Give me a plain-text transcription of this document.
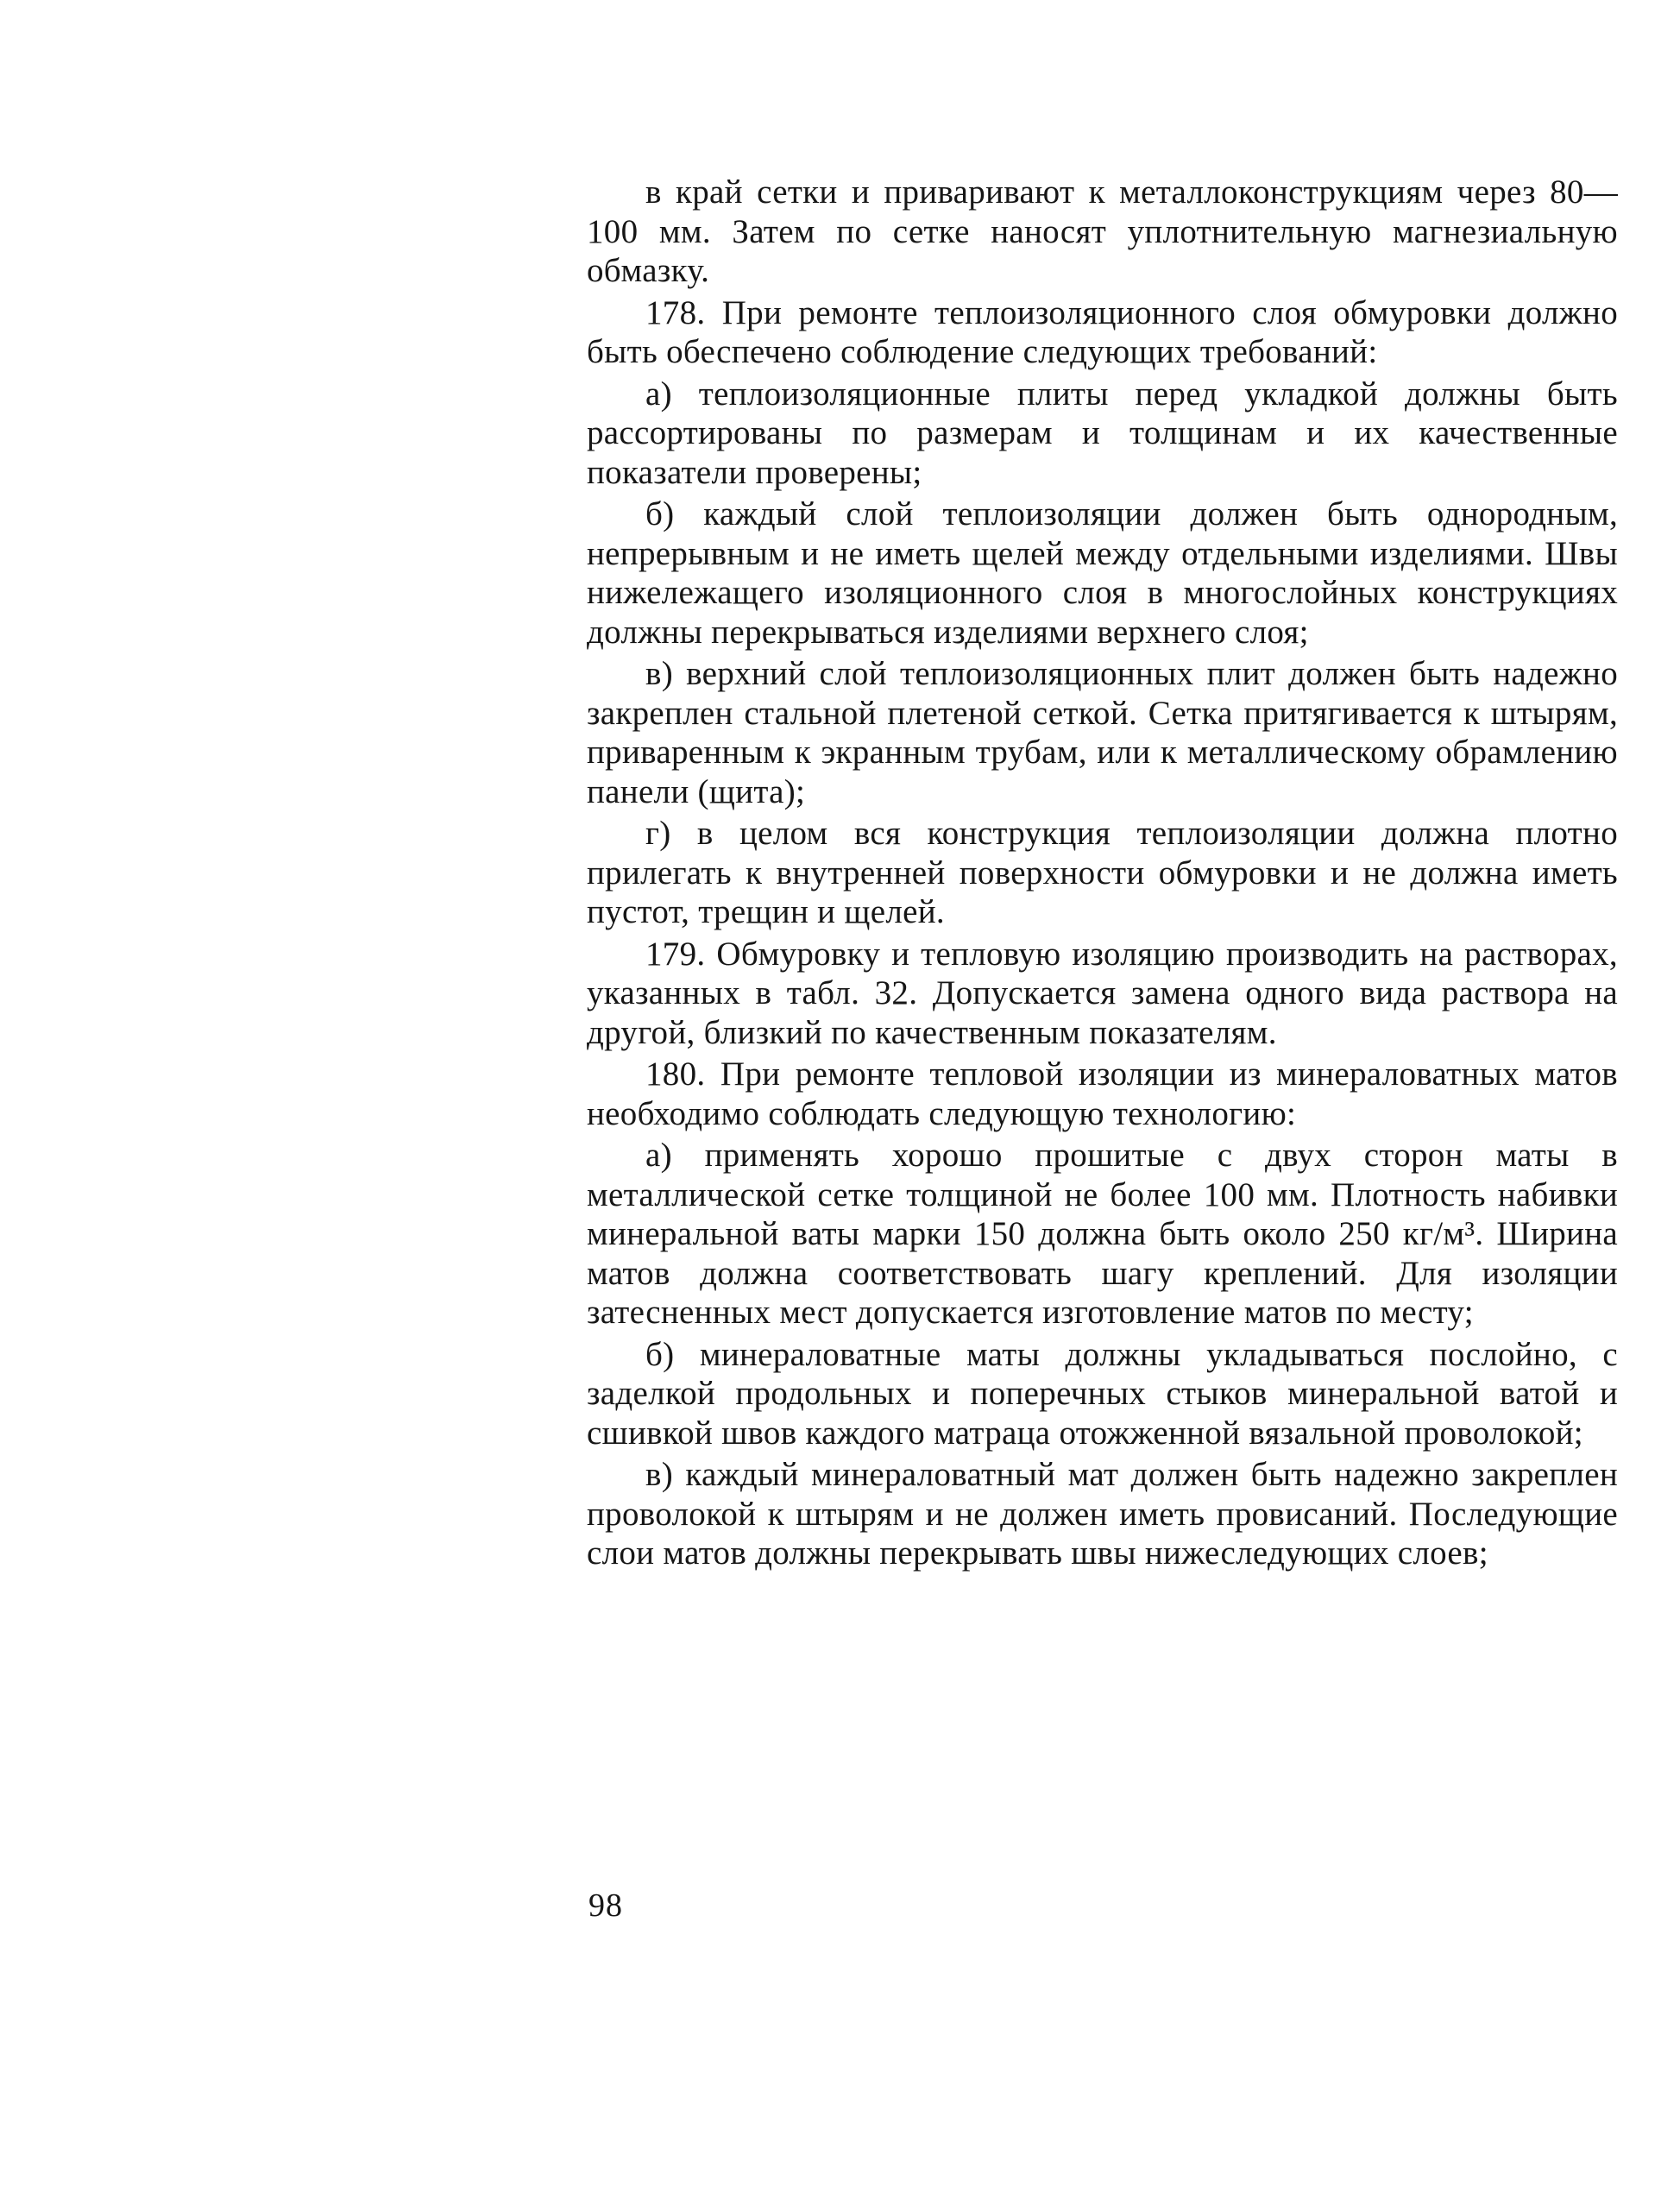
в край сетки и приваривают к металлоконструкциям через 80—100 мм. Затем по сетке наносят уплотнительную магнезиальную обмазку.

178. При ремонте теплоизоляционного слоя обмуровки должно быть обеспечено соблюдение следующих требований:

а) теплоизоляционные плиты перед укладкой должны быть рассортированы по размерам и толщинам и их качественные показатели проверены;

б) каждый слой теплоизоляции должен быть однородным, непрерывным и не иметь щелей между отдельными изделиями. Швы нижележащего изоляционного слоя в многослойных конструкциях должны перекрываться изделиями верхнего слоя;

в) верхний слой теплоизоляционных плит должен быть надежно закреплен стальной плетеной сеткой. Сетка притягивается к штырям, приваренным к экранным трубам, или к металлическому обрамлению панели (щита);

г) в целом вся конструкция теплоизоляции должна плотно прилегать к внутренней поверхности обмуровки и не должна иметь пустот, трещин и щелей.

179. Обмуровку и тепловую изоляцию производить на растворах, указанных в табл. 32. Допускается замена одного вида раствора на другой, близкий по качественным показателям.

180. При ремонте тепловой изоляции из минераловатных матов необходимо соблюдать следующую технологию:

а) применять хорошо прошитые с двух сторон маты в металлической сетке толщиной не более 100 мм. Плотность набивки минеральной ваты марки 150 должна быть около 250 кг/м³. Ширина матов должна соответствовать шагу креплений. Для изоляции затесненных мест допускается изготовление матов по месту;

б) минераловатные маты должны укладываться послойно, с заделкой продольных и поперечных стыков минеральной ватой и сшивкой швов каждого матраца отожженной вязальной проволокой;

в) каждый минераловатный мат должен быть надежно закреплен проволокой к штырям и не должен иметь провисаний. Последующие слои матов должны перекрывать швы нижеследующих слоев;

98
